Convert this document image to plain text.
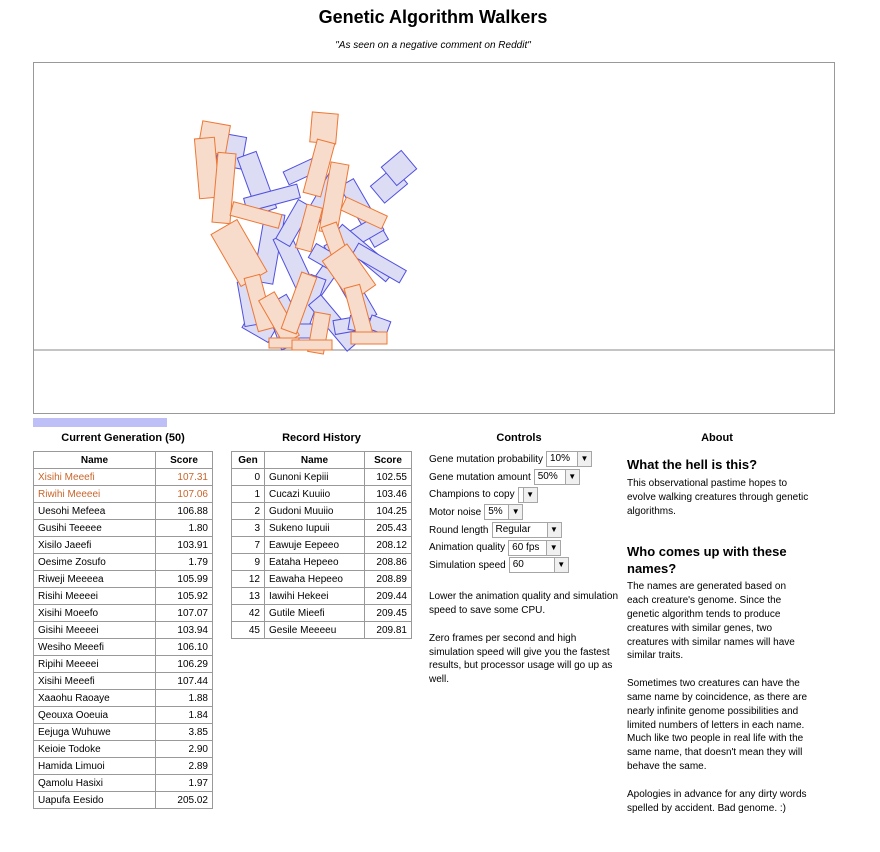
Genetic Algorithm Walkers
"As seen on a negative comment on Reddit"
Current Generation (50)	Record History	Controls	About
Name	Score
Xisihi Meeefi	107.31
Riwihi Meeeei	107.06
Uesohi Mefeea	106.88
Gusihi Teeeee	1.80
Xisilo Jaeefi	103.91
Oesime Zosufo	1.79
Riweji Meeeea	105.99
Risihi Meeeei	105.92
Xisihi Moeefo	107.07
Gisihi Meeeei	103.94
Wesiho Meeefi	106.10
Ripihi Meeeei	106.29
Xisihi Meeefi	107.44
Xaaohu Raoaye	1.88
Qeouxa Ooeuia	1.84
Eejuga Wuhuwe	3.85
Keioie Todoke	2.90
Hamida Limuoi	2.89
Qamolu Hasixi	1.97
Uapufa Eesido	205.02
Gen	Name	Score
0	Gunoni Kepiii	102.55
1	Cucazi Kuuiio	103.46
2	Gudoni Muuiio	104.25
3	Sukeno Iupuii	205.43
7	Eawuje Eepeeo	208.12
9	Eataha Hepeeo	208.86
12	Eawaha Hepeeo	208.89
13	Iawihi Hekeei	209.44
42	Gutile Mieefi	209.45
45	Gesile Meeeeu	209.81
Gene mutation probability 10%	▼
Gene mutation amount 50%	▼
Champions to copy	▼
Motor noise 5%	▼
Round length Regular	▼
Animation quality 60 fps	▼
Simulation speed 60	▼
Lower the animation quality and simulation speed to save some CPU.
Zero frames per second and high simulation speed will give you the fastest results, but processor usage will go up as well.
What the hell is this?

This observational pastime hopes to evolve walking creatures through genetic algorithms.

Who comes up with these names?

The names are generated based on each creature's genome. Since the genetic algorithm tends to produce creatures with similar genes, two creatures with similar names will have similar traits.

Sometimes two creatures can have the same name by coincidence, as there are nearly infinite genome possibilities and limited numbers of letters in each name. Much like two people in real life with the same name, that doesn't mean they will behave the same.

Apologies in advance for any dirty words spelled by accident. Bad genome. :)
